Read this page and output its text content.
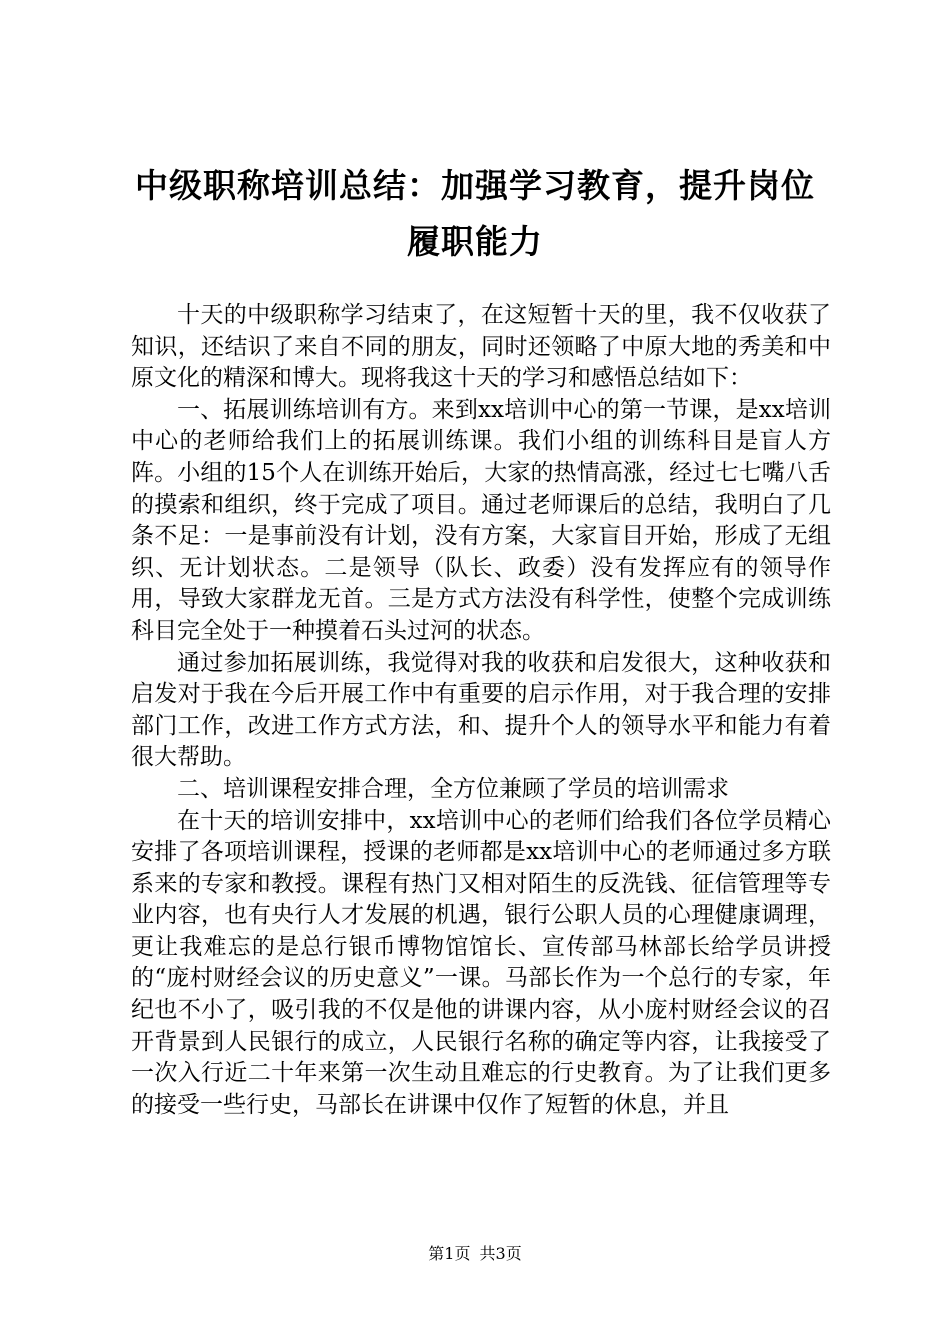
中级职称培训总结：加强学习教育，提升岗位
履职能力

十天的中级职称学习结束了，在这短暂十天的里，我不仅收获了知识，还结识了来自不同的朋友，同时还领略了中原大地的秀美和中原文化的精深和博大。现将我这十天的学习和感悟总结如下：

一、拓展训练培训有方。来到xx培训中心的第一节课，是xx培训中心的老师给我们上的拓展训练课。我们小组的训练科目是盲人方阵。小组的15个人在训练开始后，大家的热情高涨，经过七七嘴八舌的摸索和组织，终于完成了项目。通过老师课后的总结，我明白了几条不足：一是事前没有计划，没有方案，大家盲目开始，形成了无组织、无计划状态。二是领导（队长、政委）没有发挥应有的领导作用，导致大家群龙无首。三是方式方法没有科学性，使整个完成训练科目完全处于一种摸着石头过河的状态。

通过参加拓展训练，我觉得对我的收获和启发很大，这种收获和启发对于我在今后开展工作中有重要的启示作用，对于我合理的安排部门工作，改进工作方式方法，和、提升个人的领导水平和能力有着很大帮助。

二、培训课程安排合理，全方位兼顾了学员的培训需求

在十天的培训安排中，xx培训中心的老师们给我们各位学员精心安排了各项培训课程，授课的老师都是xx培训中心的老师通过多方联系来的专家和教授。课程有热门又相对陌生的反洗钱、征信管理等专业内容，也有央行人才发展的机遇，银行公职人员的心理健康调理，更让我难忘的是总行银币博物馆馆长、宣传部马林部长给学员讲授的“庞村财经会议的历史意义”一课。马部长作为一个总行的专家，年纪也不小了，吸引我的不仅是他的讲课内容，从小庞村财经会议的召开背景到人民银行的成立，人民银行名称的确定等内容，让我接受了一次入行近二十年来第一次生动且难忘的行史教育。为了让我们更多的接受一些行史，马部长在讲课中仅作了短暂的休息，并且

第1页 共3页
